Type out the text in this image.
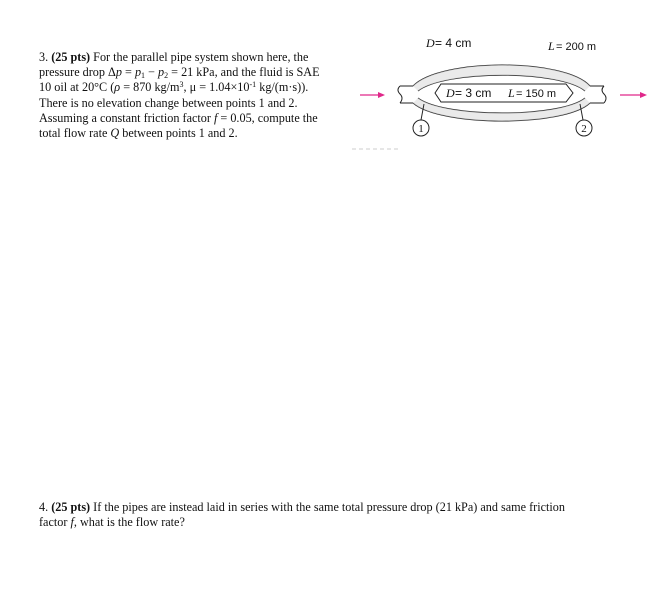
3. (25 pts) For the parallel pipe system shown here, the
pressure drop $\Delta p = p_1 - p_2 = 21$ kPa, and the fluid is SAE
10 oil at 20°C (ρ = 870 $kg/m^3$, $\mu = 1.04\times 10^{-1}$ kg/(m·s)).
There is no elevation change between points 1 and 2.
Assuming a constant friction factor f = 0.05, compute the
total flow rate Q between points 1 and 2.

D = 4 cm	L = 200 m
D = 3 cm L = 150 m
1	2

4. (25 pts) If the pipes are instead laid in series with the same total pressure drop (21 kPa) and same friction
factor f, what is the flow rate?
